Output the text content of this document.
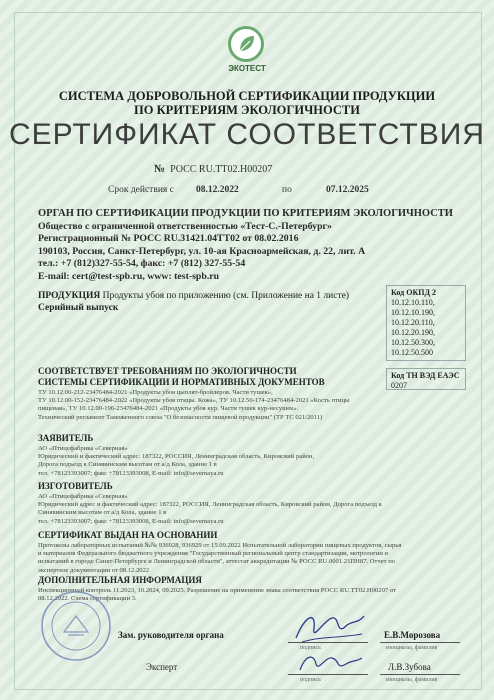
ЭКОТЕСТ
СИСТЕМА ДОБРОВОЛЬНОЙ СЕРТИФИКАЦИИ ПРОДУКЦИИ
ПО КРИТЕРИЯМ ЭКОЛОГИЧНОСТИ
СЕРТИФИКАТ СООТВЕТСТВИЯ
№ РОСС RU.ТТ02.Н00207
Срок действия с 08.12.2022	по	07.12.2025
ОРГАН ПО СЕРТИФИКАЦИИ ПРОДУКЦИИ ПО КРИТЕРИЯМ ЭКОЛОГИЧНОСТИ
Общество с ограниченной ответственностью «Тест-С.-Петербург»
Регистрационный № РОСС RU.31421.04ТТ02 от 08.02.2016
190103, Россия, Санкт-Петербург, ул. 10-ая Красноармейская, д. 22, лит. А
тел.: +7 (812)327-55-54, факс: +7 (812) 327-55-54
E-mail: cert@test-spb.ru, www: test-spb.ru
ПРОДУКЦИЯ Продукты убоя по приложению (см. Приложение на 1 листе)
Серийный выпуск
Код ОКПД 2
10.12.10.110,
10.12.10.190,
10.12.20.110,
10.12.20.190,
10.12.50.300,
10.12.50.500
Код ТН ВЭД ЕАЭС
0207
СООТВЕТСТВУЕТ ТРЕБОВАНИЯМ ПО ЭКОЛОГИЧНОСТИ
СИСТЕМЫ СЕРТИФИКАЦИИ И НОРМАТИВНЫХ ДОКУМЕНТОВ
ТУ 10.12.00-212-23476484-2021 «Продукты убоя цыплят-бройлеров. Части тушек»,
ТУ 10.12.00-152-23476484-2022 «Продукты убоя птицы. Кожа», ТУ 10.12.50-174-23476484-2021 «Кость птицы
пищевая», ТУ 10.12.00-196-23476484-2021 «Продукты убоя кур. Части тушек кур-несушек».
Технический регламент Таможенного союза "О безопасности пищевой продукции" (ТР ТС 021/2011)
ЗАЯВИТЕЛЬ
АО «Птицефабрика «Северная»
Юридический и фактический адрес: 187322, РОССИЯ, Ленинградская область, Кировский район,
Дорога подъезд к Синявинским высотам от а/д Кола, здание 1 в
тел. +78123393007; факс +78123393008, E-mail: info@severnaya.ru
ИЗГОТОВИТЕЛЬ
АО «Птицефабрика «Северная»
Юридический адрес и фактический адрес: 187322, РОССИЯ, Ленинградская область, Кировский район, Дорога подъезд к
Синявинским высотам от а/д Кола, здание 1 в
тел. +78123393007; факс +78123393008, E-mail: info@severnaya.ru
СЕРТИФИКАТ ВЫДАН НА ОСНОВАНИИ
Протоколы лабораторных испытаний №№ 936928, 936929 от 15.09.2022 Испытательной лаборатории пищевых продуктов, сырья
и материалов Федерального бюджетного учреждения "Государственный региональный центр стандартизации, метрологии и
испытаний в городе Санкт-Петербурге и Ленинградской области", аттестат аккредитации № РОСС RU.0001.21ПН87. Отчет по
экспертизе документации от 08.12.2022
ДОПОЛНИТЕЛЬНАЯ ИНФОРМАЦИЯ
Инспекционный контроль 11.2023, 10.2024, 09.2025. Разрешение на применение знака соответствия РОСС RU.ТТ02.Н00207 от
08.12.2022. Схема сертификации 3.
Зам. руководителя органа
подпись
Е.В.Морозова
инициалы, фамилия
Эксперт
подпись
Л.В.Зубова
инициалы, фамилия
